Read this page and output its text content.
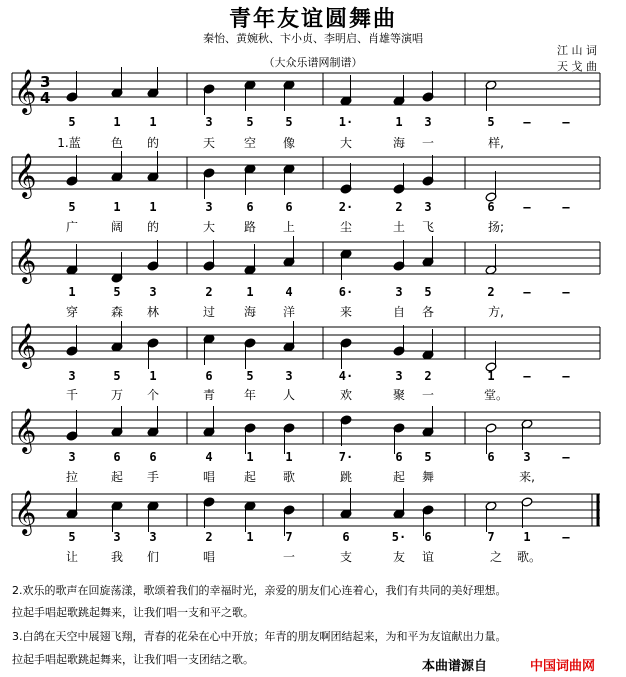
青年友谊圆舞曲
秦怡、黄婉秋、卞小贞、李明启、肖雄等演唱
（大众乐谱网制谱）
江 山 词
天 戈 曲
𝄞 3
4
𝄞
𝄞
𝄞
𝄞
𝄞
5	1	1	3	5	5	1·	1	3	5	–	–
1.蓝	色	的	天	空	像	大	海	一	样,
5	1	1	3	6	6	2·	2	3	6	–	–
广	阔	的	大	路	上	尘	土	飞	扬;
1	5	3	2	1	4	6·	3	5	2	–	–
穿	森	林	过	海	洋	来	自	各	方,
3	5	1	6	5	3	4·	3	2	1	–	–
千	万	个	青	年	人	欢	聚	一	堂。
3	6	6	4	1	1	7·	6	5	6	3	–
拉	起	手	唱	起	歌	跳	起	舞	来,
5	3	3	2	1	7	6	5·	6	7	1	–
让	我	们	唱	一	支	友	谊	之	歌。
2.欢乐的歌声在回旋荡漾，歌颂着我们的幸福时光，亲爱的朋友们心连着心，我们有共同的美好理想。
拉起手唱起歌跳起舞来，让我们唱一支和平之歌。
3.白鸽在天空中展翅飞翔，青春的花朵在心中开放；年青的朋友啊团结起来，为和平为友谊献出力量。
拉起手唱起歌跳起舞来，让我们唱一支团结之歌。	本曲谱源自	中国词曲网
